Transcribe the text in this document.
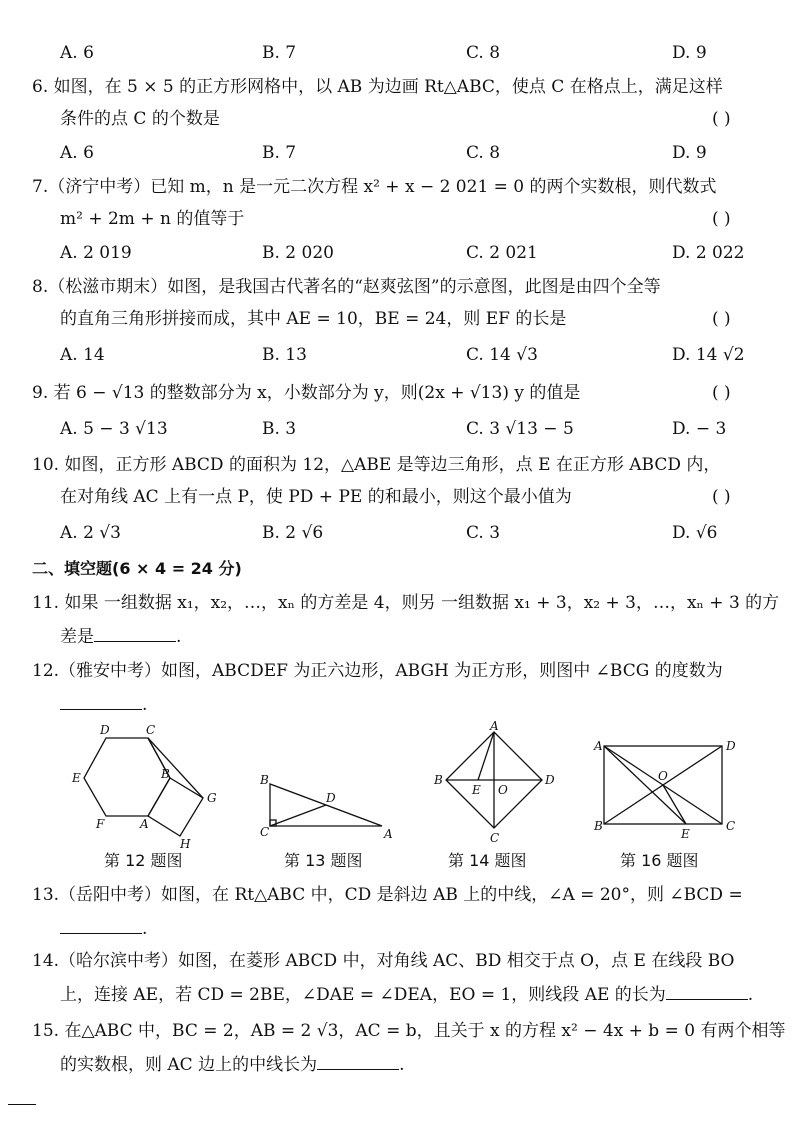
A. 6	B. 7	C. 8	D. 9
6. 如图，在 5 × 5 的正方形网格中，以 AB 为边画 Rt△ABC，使点 C 在格点上，满足这样
条件的点 C 的个数是	( )
A. 6	B. 7	C. 8	D. 9
7.（济宁中考）已知 m，n 是一元二次方程 x² + x − 2 021 = 0 的两个实数根，则代数式
m² + 2m + n 的值等于	( )
A. 2 019	B. 2 020	C. 2 021	D. 2 022
8.（松滋市期末）如图，是我国古代著名的“赵爽弦图”的示意图，此图是由四个全等
的直角三角形拼接而成，其中 AE = 10，BE = 24，则 EF 的长是	( )
A. 14	B. 13	C. 14 √3	D. 14 √2
9. 若 6 − √13 的整数部分为 x，小数部分为 y，则(2x + √13) y 的值是	( )
A. 5 − 3 √13	B. 3	C. 3 √13 − 5	D. − 3
10. 如图，正方形 ABCD 的面积为 12，△ABE 是等边三角形，点 E 在正方形 ABCD 内，
在对角线 AC 上有一点 P，使 PD + PE 的和最小，则这个最小值为	( )
A. 2 √3	B. 2 √6	C. 3	D. √6
二、填空题(6 × 4 = 24 分)
11. 如果 一组数据 x₁，x₂，…，xₙ 的方差是 4，则另 一组数据 x₁ + 3，x₂ + 3，…，xₙ + 3 的方
差是	.
12.（雅安中考）如图，ABCDEF 为正六边形，ABGH 为正方形，则图中 ∠BCG 的度数为
.
D	C
E	B
G
F	A
H
B
D
C	A
A
B
E O
D
C
A	D
O
B
E
C
第 12 题图	第 13 题图	第 14 题图	第 16 题图
13.（岳阳中考）如图，在 Rt△ABC 中，CD 是斜边 AB 上的中线，∠A = 20°，则 ∠BCD =
.
14.（哈尔滨中考）如图，在菱形 ABCD 中，对角线 AC、BD 相交于点 O，点 E 在线段 BO
上，连接 AE，若 CD = 2BE，∠DAE = ∠DEA，EO = 1，则线段 AE 的长为	.
15. 在△ABC 中，BC = 2，AB = 2 √3，AC = b，且关于 x 的方程 x² − 4x + b = 0 有两个相等
的实数根，则 AC 边上的中线长为	.
